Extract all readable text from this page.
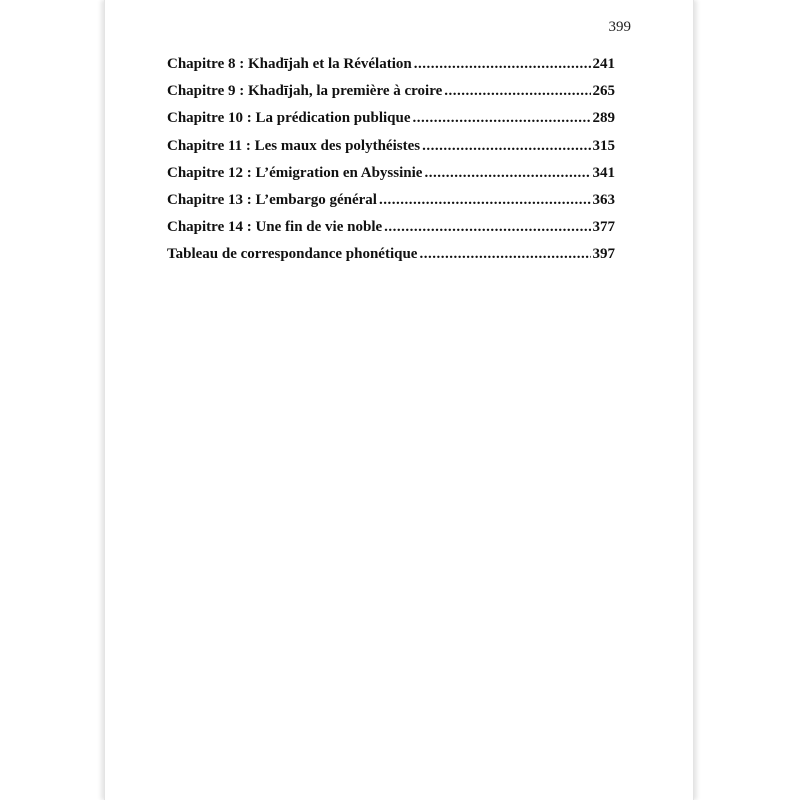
399
Chapitre 8 : Khadījah et la Révélation .....	241
Chapitre 9 : Khadījah, la première à croire .....	265
Chapitre 10 : La prédication publique .....	289
Chapitre 11 : Les maux des polythéistes .....	315
Chapitre 12 : L’émigration en Abyssinie .....	341
Chapitre 13 : L’embargo général .....	363
Chapitre 14 : Une fin de vie noble .....	377
Tableau de correspondance phonétique .....	397
